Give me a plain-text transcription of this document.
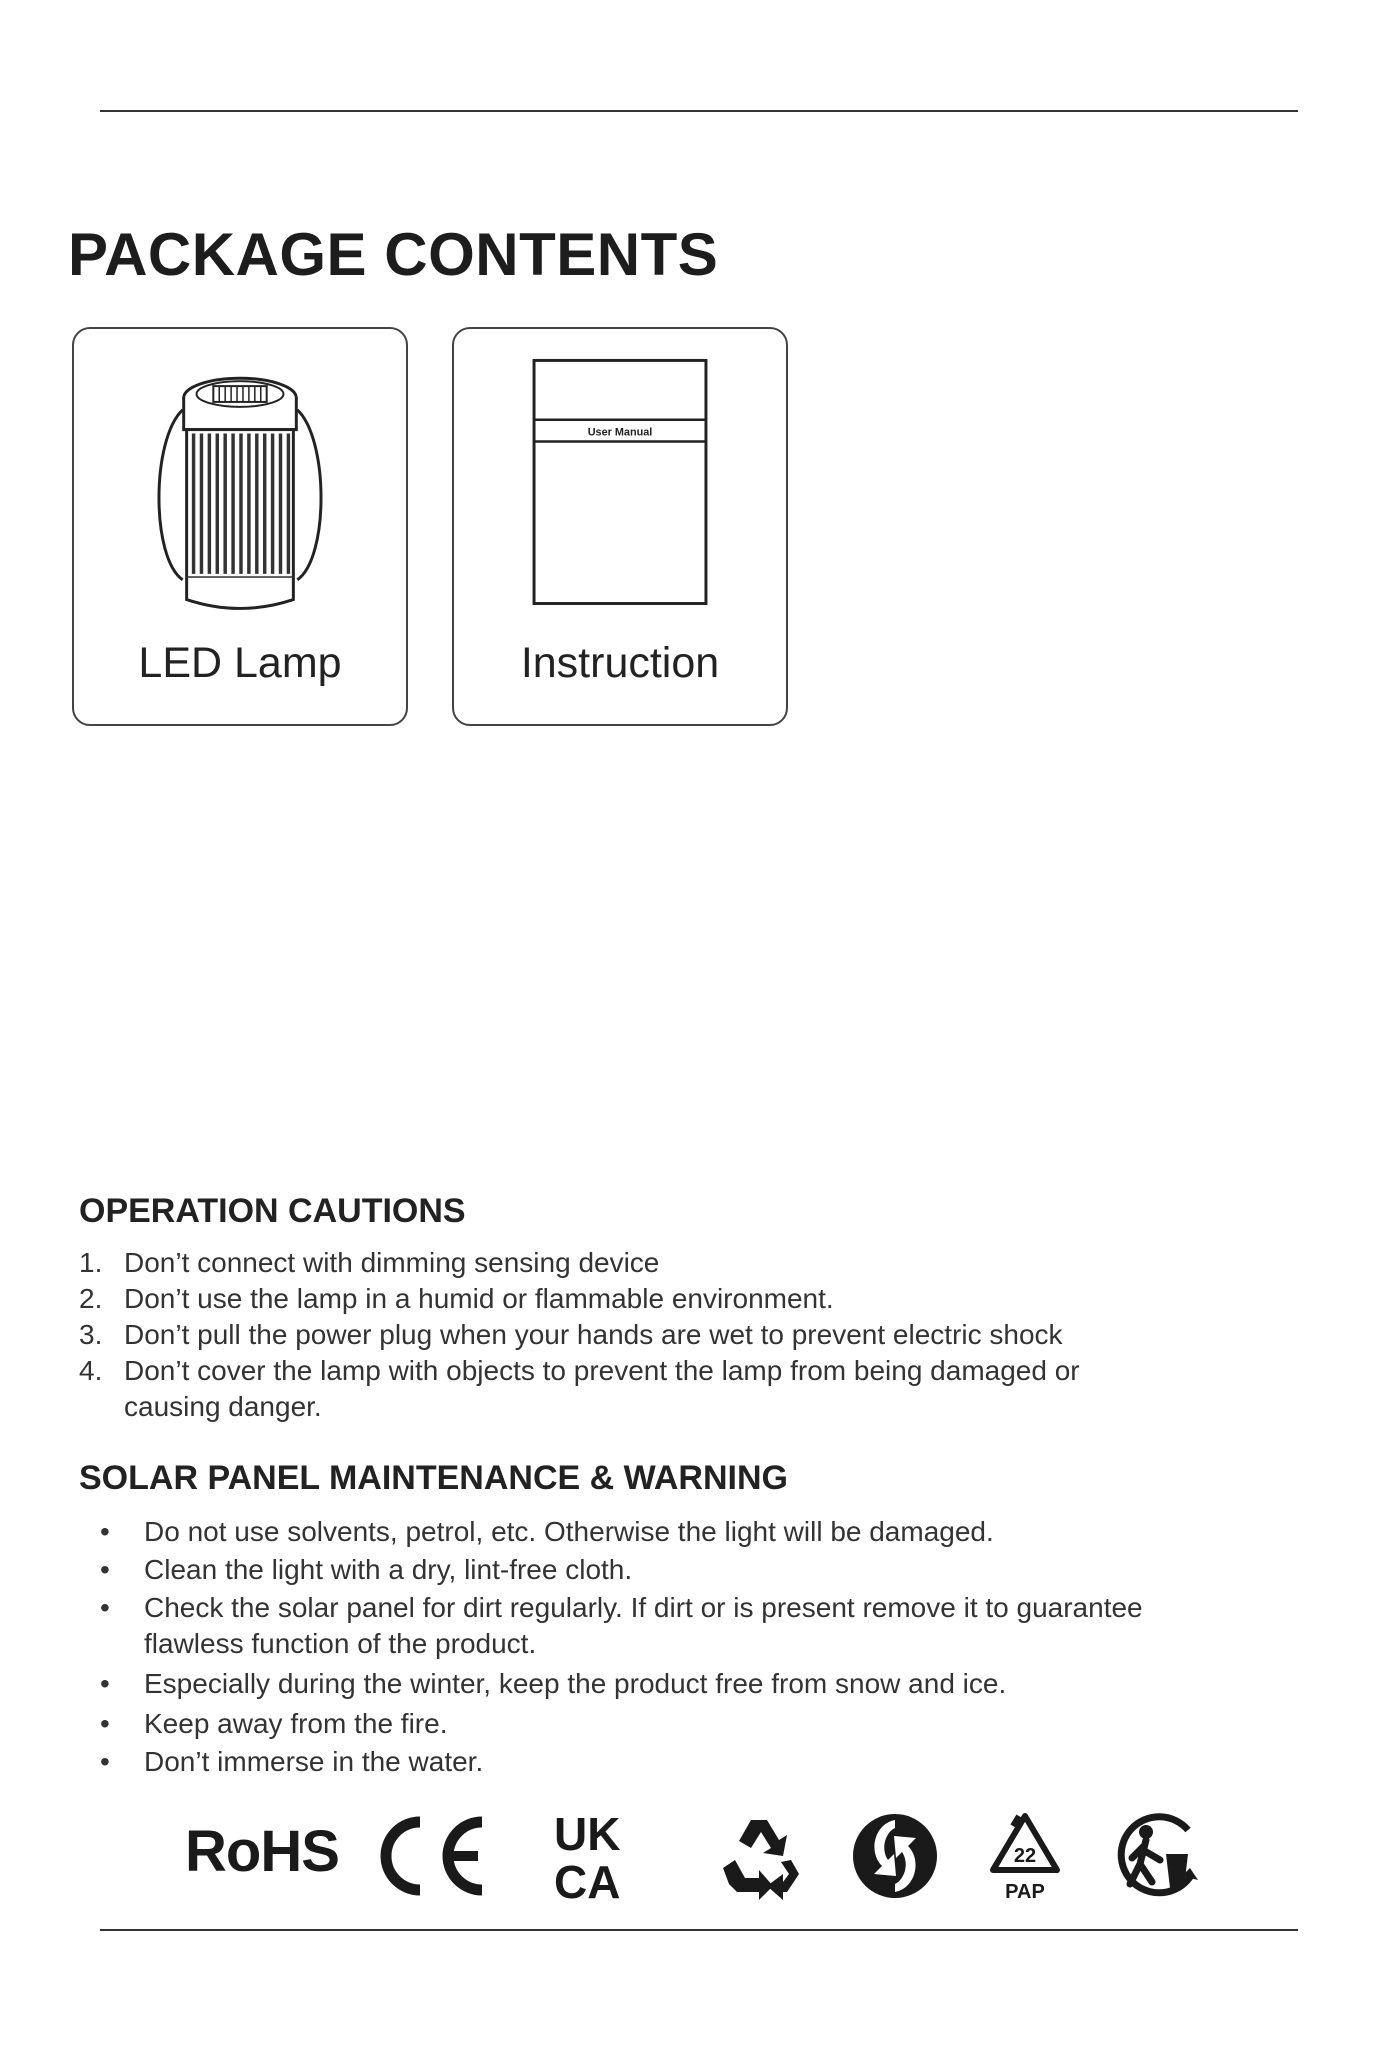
PACKAGE CONTENTS
LED Lamp
User Manual
Instruction
OPERATION CAUTIONS
1. Don’t connect with dimming sensing device
2. Don’t use the lamp in a humid or flammable environment.
3. Don’t pull the power plug when your hands are wet to prevent electric shock
4. Don’t cover the lamp with objects to prevent the lamp from being damaged or causing danger.
SOLAR PANEL MAINTENANCE & WARNING
• Do not use solvents, petrol, etc. Otherwise the light will be damaged.
• Clean the light with a dry, lint-free cloth.
• Check the solar panel for dirt regularly. If dirt or is present remove it to guarantee flawless function of the product.
• Especially during the winter, keep the product free from snow and ice.
• Keep away from the fire.
• Don’t immerse in the water.
RoHS	UK
CA	22
PAP
